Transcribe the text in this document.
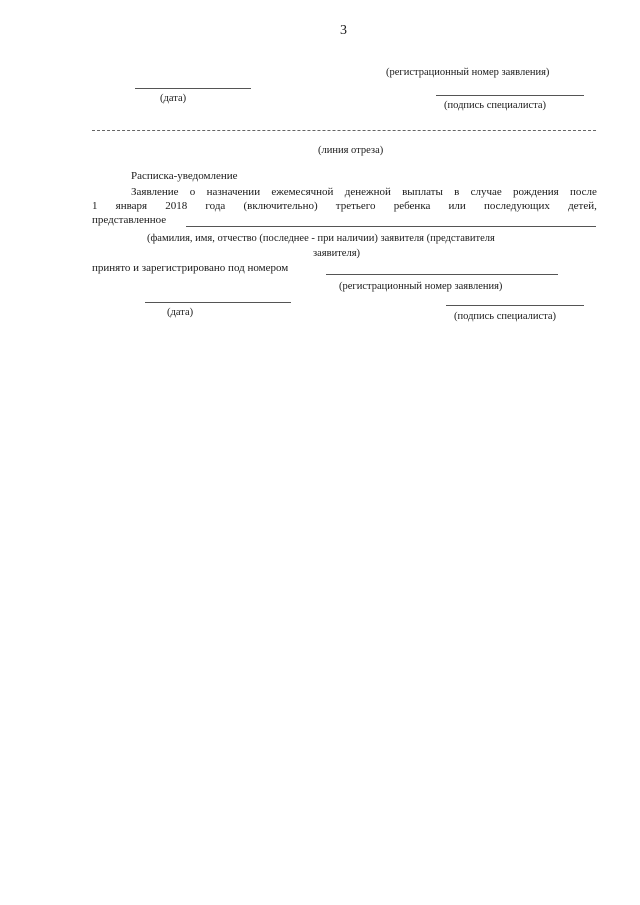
3
(регистрационный номер заявления)
(дата)
(подпись специалиста)
(линия отреза)
Расписка-уведомление
Заявление о назначении ежемесячной денежной выплаты в случае рождения после
1 января 2018 года (включительно) третьего ребенка или последующих детей,
представленное
(фамилия, имя, отчество (последнее - при наличии) заявителя (представителя
заявителя)
принято и зарегистрировано под номером
(регистрационный номер заявления)
(дата)	(подпись специалиста)
